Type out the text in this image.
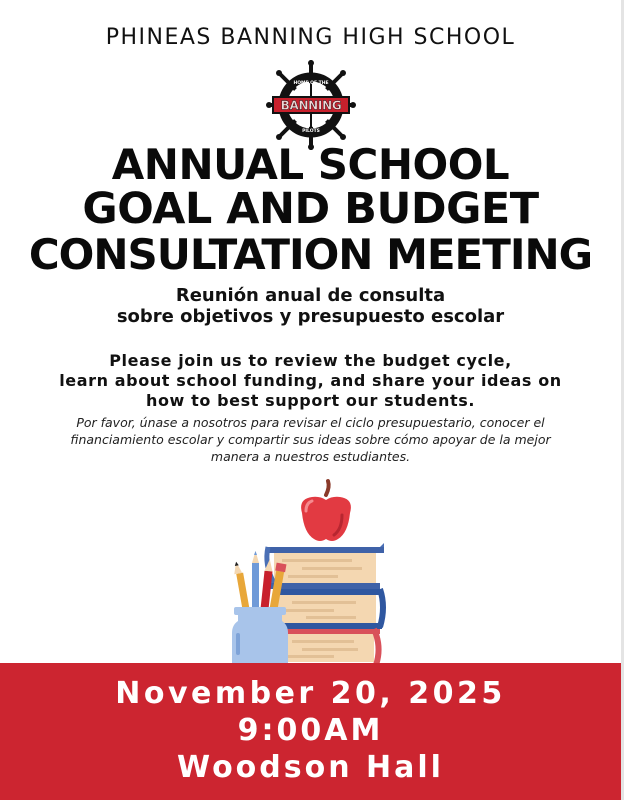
PHINEAS BANNING HIGH SCHOOL
HOME OF THE
PILOTS
BANNING
ANNUAL SCHOOL
GOAL AND BUDGET
CONSULTATION MEETING
Reunión anual de consulta
sobre objetivos y presupuesto escolar
Please join us to review the budget cycle,
learn about school funding, and share your ideas on
how to best support our students.
Por favor, únase a nosotros para revisar el ciclo presupuestario, conocer el
financiamiento escolar y compartir sus ideas sobre cómo apoyar de la mejor
manera a nuestros estudiantes.
November 20, 2025
9:00AM
Woodson Hall
